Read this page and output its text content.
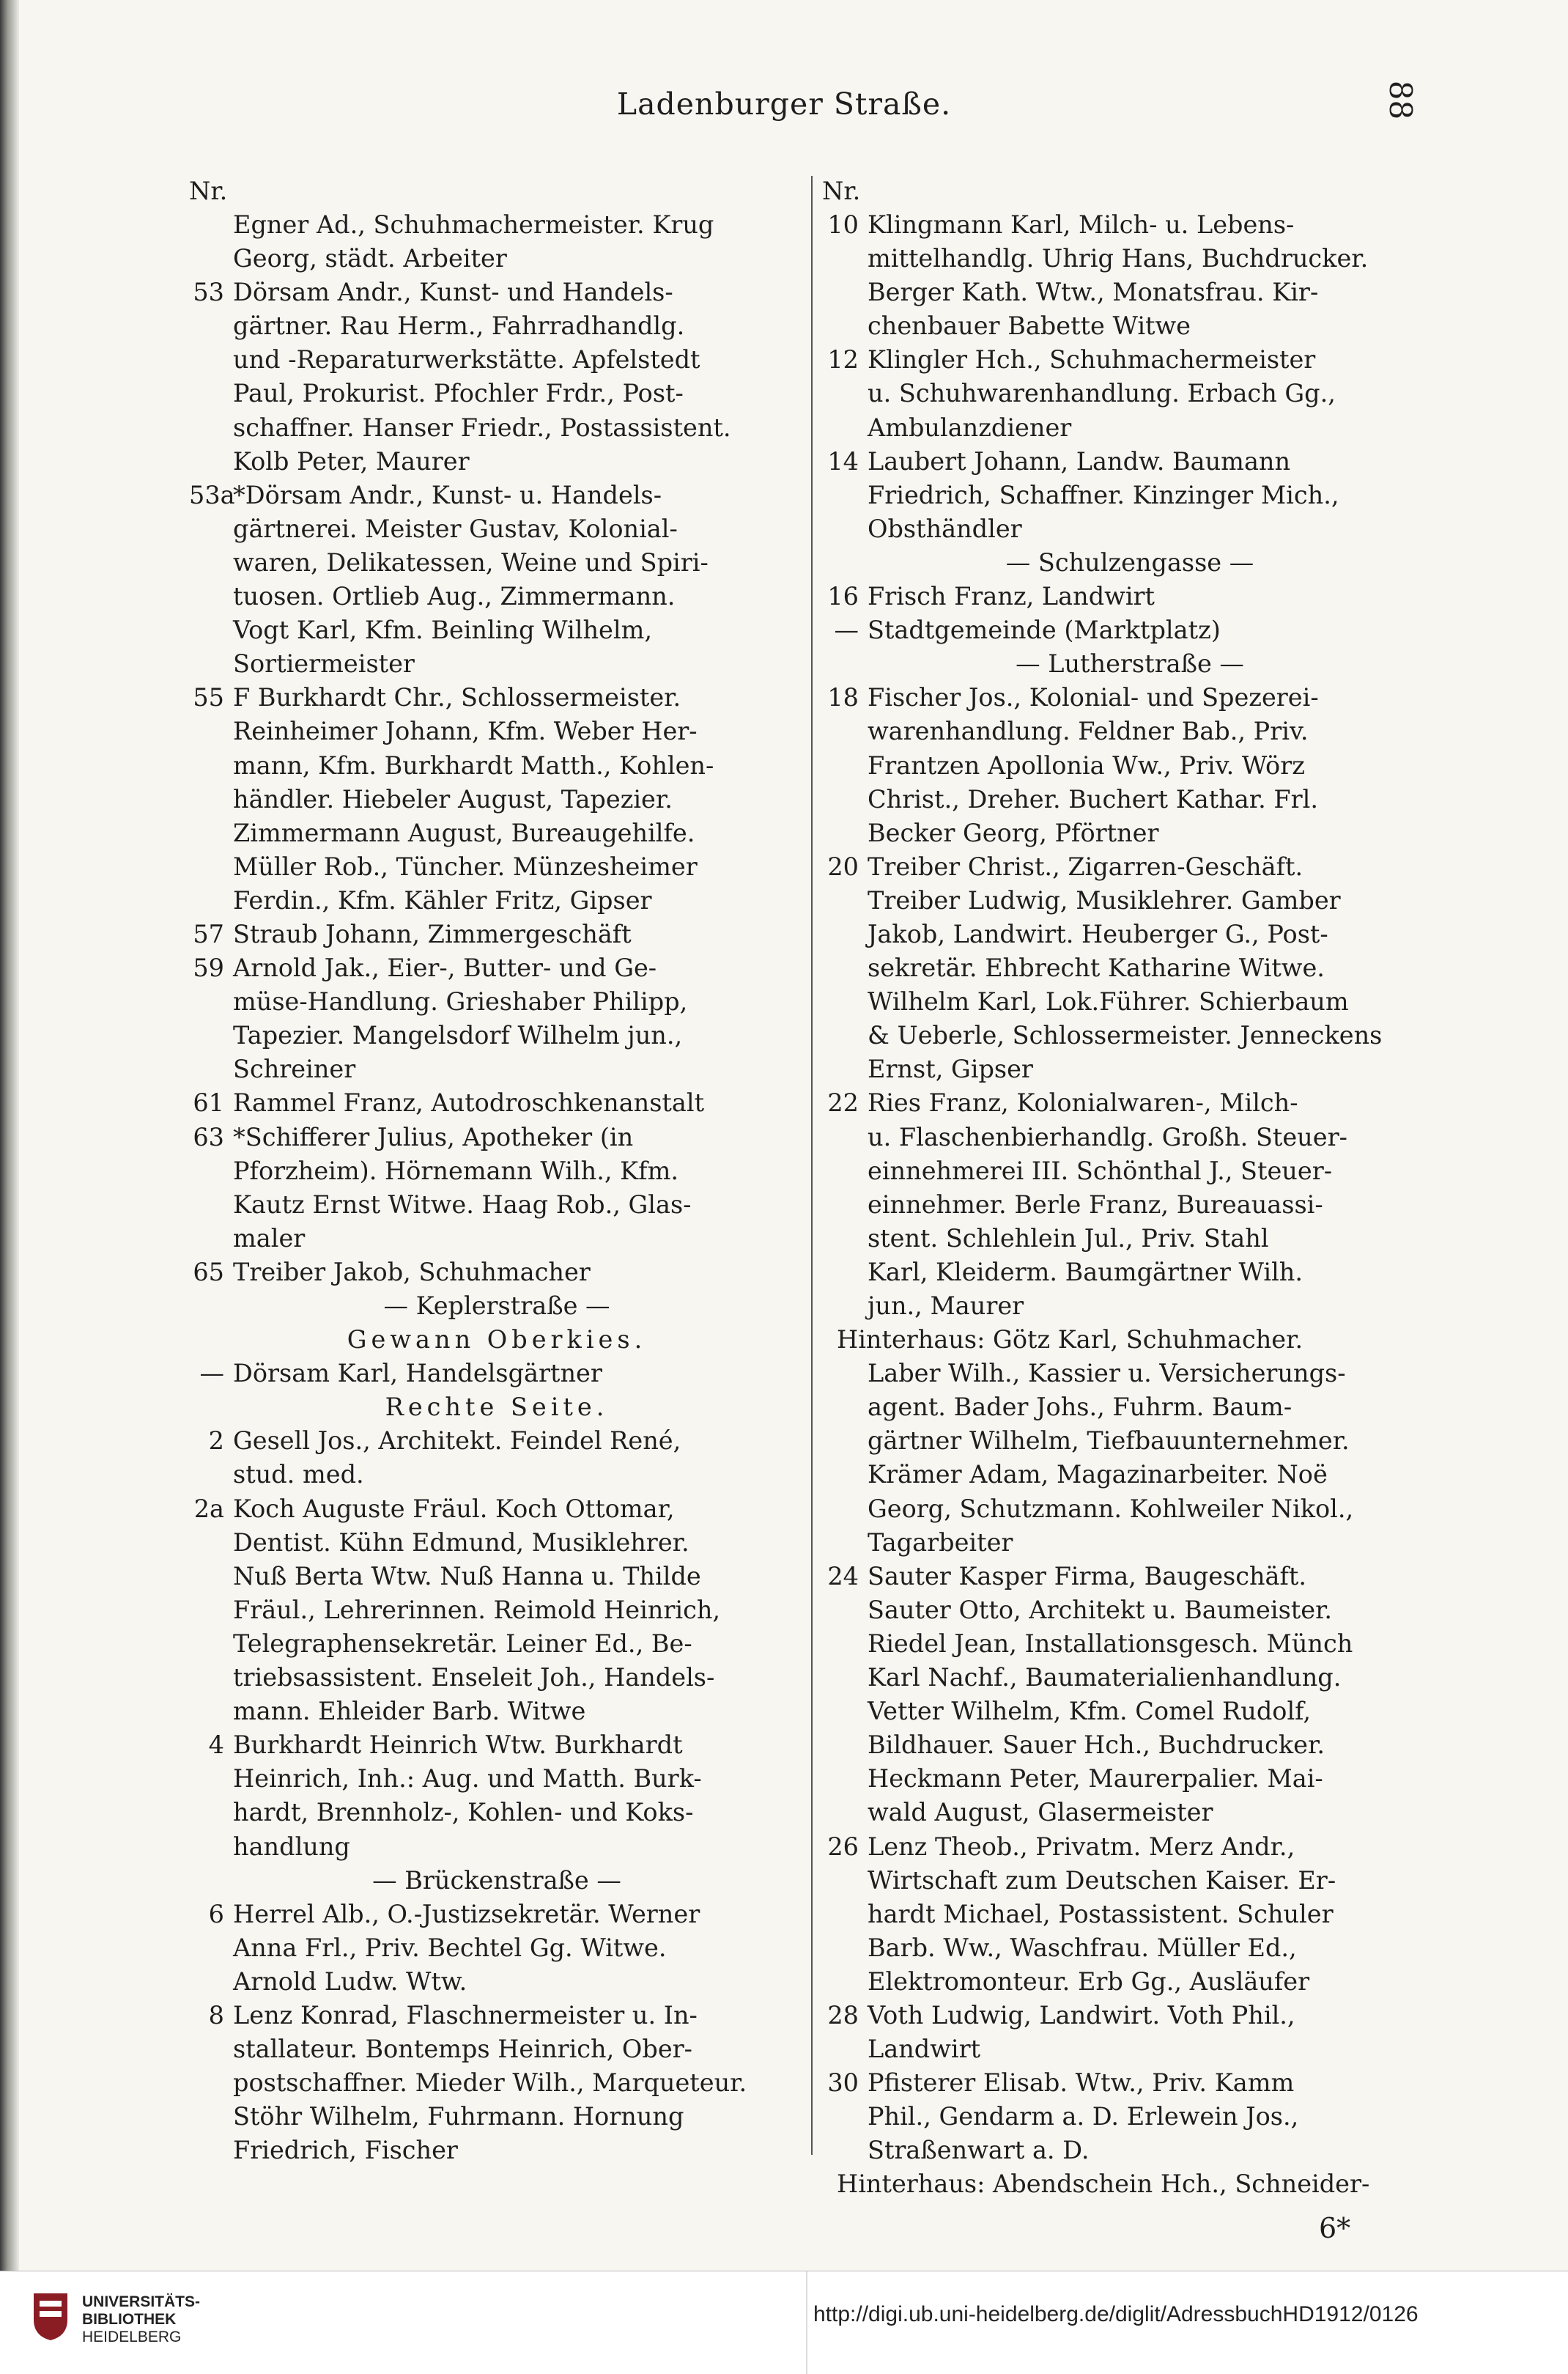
Ladenburger Straße.	88
Nr.
Egner Ad., Schuhmachermeister. Krug
Georg, städt. Arbeiter
53 Dörsam Andr., Kunst- und Handels-
gärtner. Rau Herm., Fahrradhandlg.
und -Reparaturwerkstätte. Apfelstedt
Paul, Prokurist. Pfochler Frdr., Post-
schaffner. Hanser Friedr., Postassistent.
Kolb Peter, Maurer
53a
*Dörsam Andr., Kunst- u. Handels-
gärtnerei. Meister Gustav, Kolonial-
waren, Delikatessen, Weine und Spiri-
tuosen. Ortlieb Aug., Zimmermann.
Vogt Karl, Kfm. Beinling Wilhelm,
Sortiermeister
55 F Burkhardt Chr., Schlossermeister.
Reinheimer Johann, Kfm. Weber Her-
mann, Kfm. Burkhardt Matth., Kohlen-
händler. Hiebeler August, Tapezier.
Zimmermann August, Bureaugehilfe.
Müller Rob., Tüncher. Münzesheimer
Ferdin., Kfm. Kähler Fritz, Gipser
57 Straub Johann, Zimmergeschäft
59 Arnold Jak., Eier-, Butter- und Ge-
müse-Handlung. Grieshaber Philipp,
Tapezier. Mangelsdorf Wilhelm jun.,
Schreiner
61 Rammel Franz, Autodroschkenanstalt
63 *Schifferer Julius, Apotheker (in
Pforzheim). Hörnemann Wilh., Kfm.
Kautz Ernst Witwe. Haag Rob., Glas-
maler
65 Treiber Jakob, Schuhmacher
— Keplerstraße —
Gewann Oberkies.
— Dörsam Karl, Handelsgärtner
Rechte Seite.
2 Gesell Jos., Architekt. Feindel René,
stud. med.
2a Koch Auguste Fräul. Koch Ottomar,
Dentist. Kühn Edmund, Musiklehrer.
Nuß Berta Wtw. Nuß Hanna u. Thilde
Fräul., Lehrerinnen. Reimold Heinrich,
Telegraphensekretär. Leiner Ed., Be-
triebsassistent. Enseleit Joh., Handels-
mann. Ehleider Barb. Witwe
4 Burkhardt Heinrich Wtw. Burkhardt
Heinrich, Inh.: Aug. und Matth. Burk-
hardt, Brennholz-, Kohlen- und Koks-
handlung
— Brückenstraße —
6 Herrel Alb., O.-Justizsekretär. Werner
Anna Frl., Priv. Bechtel Gg. Witwe.
Arnold Ludw. Wtw.
8 Lenz Konrad, Flaschnermeister u. In-
stallateur. Bontemps Heinrich, Ober-
postschaffner. Mieder Wilh., Marqueteur.
Stöhr Wilhelm, Fuhrmann. Hornung
Friedrich, Fischer
Nr.
10 Klingmann Karl, Milch- u. Lebens-
mittelhandlg. Uhrig Hans, Buchdrucker.
Berger Kath. Wtw., Monatsfrau. Kir-
chenbauer Babette Witwe
12 Klingler Hch., Schuhmachermeister
u. Schuhwarenhandlung. Erbach Gg.,
Ambulanzdiener
14 Laubert Johann, Landw. Baumann
Friedrich, Schaffner. Kinzinger Mich.,
Obsthändler
— Schulzengasse —
16 Frisch Franz, Landwirt
— Stadtgemeinde (Marktplatz)
— Lutherstraße —
18 Fischer Jos., Kolonial- und Spezerei-
warenhandlung. Feldner Bab., Priv.
Frantzen Apollonia Ww., Priv. Wörz
Christ., Dreher. Buchert Kathar. Frl.
Becker Georg, Pförtner
20 Treiber Christ., Zigarren-Geschäft.
Treiber Ludwig, Musiklehrer. Gamber
Jakob, Landwirt. Heuberger G., Post-
sekretär. Ehbrecht Katharine Witwe.
Wilhelm Karl, Lok.Führer. Schierbaum
& Ueberle, Schlossermeister. Jenneckens
Ernst, Gipser
22 Ries Franz, Kolonialwaren-, Milch-
u. Flaschenbierhandlg. Großh. Steuer-
einnehmerei III. Schönthal J., Steuer-
einnehmer. Berle Franz, Bureauassi-
stent. Schlehlein Jul., Priv. Stahl
Karl, Kleiderm. Baumgärtner Wilh.
jun., Maurer
Hinterhaus: Götz Karl, Schuhmacher.
Laber Wilh., Kassier u. Versicherungs-
agent. Bader Johs., Fuhrm. Baum-
gärtner Wilhelm, Tiefbauunternehmer.
Krämer Adam, Magazinarbeiter. Noë
Georg, Schutzmann. Kohlweiler Nikol.,
Tagarbeiter
24 Sauter Kasper Firma, Baugeschäft.
Sauter Otto, Architekt u. Baumeister.
Riedel Jean, Installationsgesch. Münch
Karl Nachf., Baumaterialienhandlung.
Vetter Wilhelm, Kfm. Comel Rudolf,
Bildhauer. Sauer Hch., Buchdrucker.
Heckmann Peter, Maurerpalier. Mai-
wald August, Glasermeister
26 Lenz Theob., Privatm. Merz Andr.,
Wirtschaft zum Deutschen Kaiser. Er-
hardt Michael, Postassistent. Schuler
Barb. Ww., Waschfrau. Müller Ed.,
Elektromonteur. Erb Gg., Ausläufer
28 Voth Ludwig, Landwirt. Voth Phil.,
Landwirt
30 Pfisterer Elisab. Wtw., Priv. Kamm
Phil., Gendarm a. D. Erlewein Jos.,
Straßenwart a. D.
Hinterhaus: Abendschein Hch., Schneider-
6*
UNIVERSITÄTS-
BIBLIOTHEK
HEIDELBERG
http://digi.ub.uni-heidelberg.de/diglit/AdressbuchHD1912/0126
